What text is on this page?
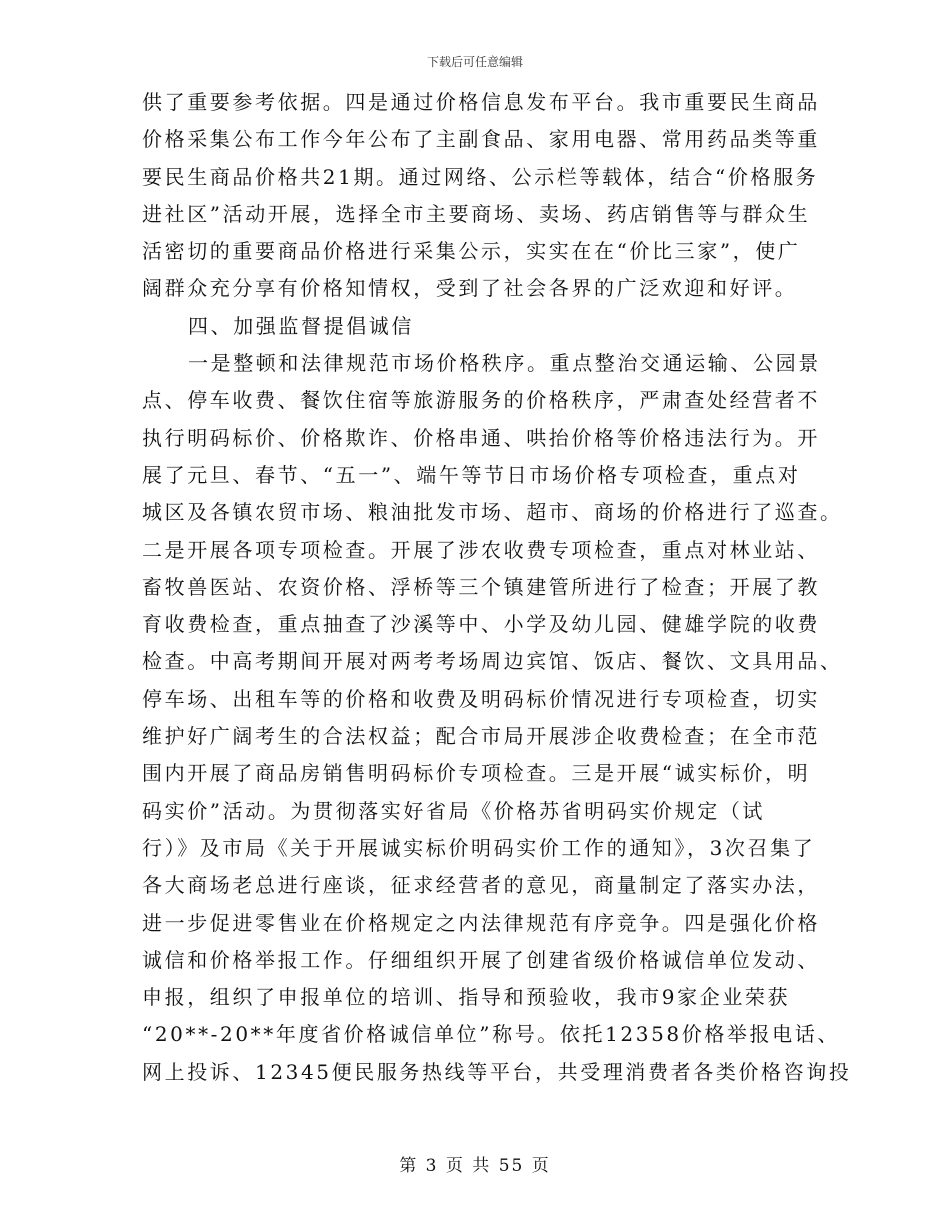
下载后可任意编辑
供了重要参考依据。四是通过价格信息发布平台。我市重要民生商品
价格采集公布工作今年公布了主副食品、家用电器、常用药品类等重
要民生商品价格共21期。通过网络、公示栏等载体，结合“价格服务
进社区”活动开展，选择全市主要商场、卖场、药店销售等与群众生
活密切的重要商品价格进行采集公示，实实在在“价比三家”，使广
阔群众充分享有价格知情权，受到了社会各界的广泛欢迎和好评。
四、加强监督提倡诚信
一是整顿和法律规范市场价格秩序。重点整治交通运输、公园景
点、停车收费、餐饮住宿等旅游服务的价格秩序，严肃查处经营者不
执行明码标价、价格欺诈、价格串通、哄抬价格等价格违法行为。开
展了元旦、春节、“五一”、端午等节日市场价格专项检查，重点对
城区及各镇农贸市场、粮油批发市场、超市、商场的价格进行了巡查。
二是开展各项专项检查。开展了涉农收费专项检查，重点对林业站、
畜牧兽医站、农资价格、浮桥等三个镇建管所进行了检查；开展了教
育收费检查，重点抽查了沙溪等中、小学及幼儿园、健雄学院的收费
检查。中高考期间开展对两考考场周边宾馆、饭店、餐饮、文具用品、
停车场、出租车等的价格和收费及明码标价情况进行专项检查，切实
维护好广阔考生的合法权益；配合市局开展涉企收费检查；在全市范
围内开展了商品房销售明码标价专项检查。三是开展“诚实标价，明
码实价”活动。为贯彻落实好省局《价格苏省明码实价规定（试
行）》及市局《关于开展诚实标价明码实价工作的通知》，3次召集了
各大商场老总进行座谈，征求经营者的意见，商量制定了落实办法，
进一步促进零售业在价格规定之内法律规范有序竞争。四是强化价格
诚信和价格举报工作。仔细组织开展了创建省级价格诚信单位发动、
申报，组织了申报单位的培训、指导和预验收，我市9家企业荣获
“20**-20**年度省价格诚信单位”称号。依托12358价格举报电话、
网上投诉、12345便民服务热线等平台，共受理消费者各类价格咨询投
第 3 页 共 55 页
